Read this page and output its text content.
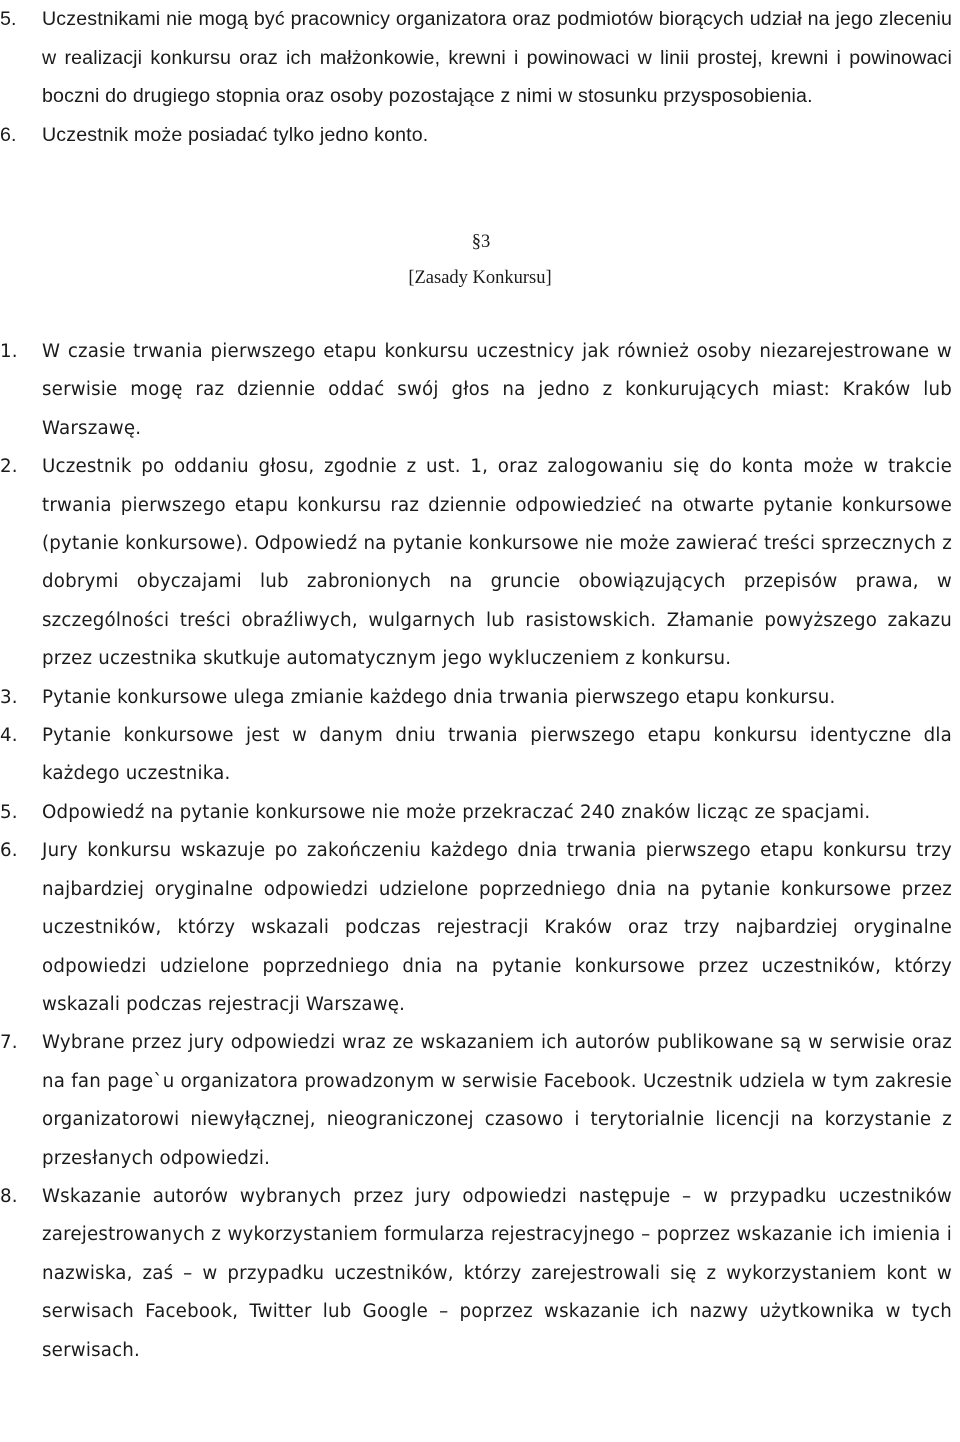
5. Uczestnikami nie mogą być pracownicy organizatora oraz podmiotów biorących udział na jego zleceniu w realizacji konkursu oraz ich małżonkowie, krewni i powinowaci w linii prostej, krewni i powinowaci boczni do drugiego stopnia oraz osoby pozostające z nimi w stosunku przysposobienia.
6. Uczestnik może posiadać tylko jedno konto.
§3
[Zasady Konkursu]
1. W czasie trwania pierwszego etapu konkursu uczestnicy jak również osoby niezarejestrowane w serwisie mogę raz dziennie oddać swój głos na jedno z konkurujących miast: Kraków lub Warszawę.
2. Uczestnik po oddaniu głosu, zgodnie z ust. 1, oraz zalogowaniu się do konta może w trakcie trwania pierwszego etapu konkursu raz dziennie odpowiedzieć na otwarte pytanie konkursowe (pytanie konkursowe). Odpowiedź na pytanie konkursowe nie może zawierać treści sprzecznych z dobrymi obyczajami lub zabronionych na gruncie obowiązujących przepisów prawa, w szczególności treści obraźliwych, wulgarnych lub rasistowskich. Złamanie powyższego zakazu przez uczestnika skutkuje automatycznym jego wykluczeniem z konkursu.
3. Pytanie konkursowe ulega zmianie każdego dnia trwania pierwszego etapu konkursu.
4. Pytanie konkursowe jest w danym dniu trwania pierwszego etapu konkursu identyczne dla każdego uczestnika.
5. Odpowiedź na pytanie konkursowe nie może przekraczać 240 znaków licząc ze spacjami.
6. Jury konkursu wskazuje po zakończeniu każdego dnia trwania pierwszego etapu konkursu trzy najbardziej oryginalne odpowiedzi udzielone poprzedniego dnia na pytanie konkursowe przez uczestników, którzy wskazali podczas rejestracji Kraków oraz trzy najbardziej oryginalne odpowiedzi udzielone poprzedniego dnia na pytanie konkursowe przez uczestników, którzy wskazali podczas rejestracji Warszawę.
7. Wybrane przez jury odpowiedzi wraz ze wskazaniem ich autorów publikowane są w serwisie oraz na fan page`u organizatora prowadzonym w serwisie Facebook. Uczestnik udziela w tym zakresie organizatorowi niewyłącznej, nieograniczonej czasowo i terytorialnie licencji na korzystanie z przesłanych odpowiedzi.
8. Wskazanie autorów wybranych przez jury odpowiedzi następuje – w przypadku uczestników zarejestrowanych z wykorzystaniem formularza rejestracyjnego – poprzez wskazanie ich imienia i nazwiska, zaś – w przypadku uczestników, którzy zarejestrowali się z wykorzystaniem kont w serwisach Facebook, Twitter lub Google – poprzez wskazanie ich nazwy użytkownika w tych serwisach.
